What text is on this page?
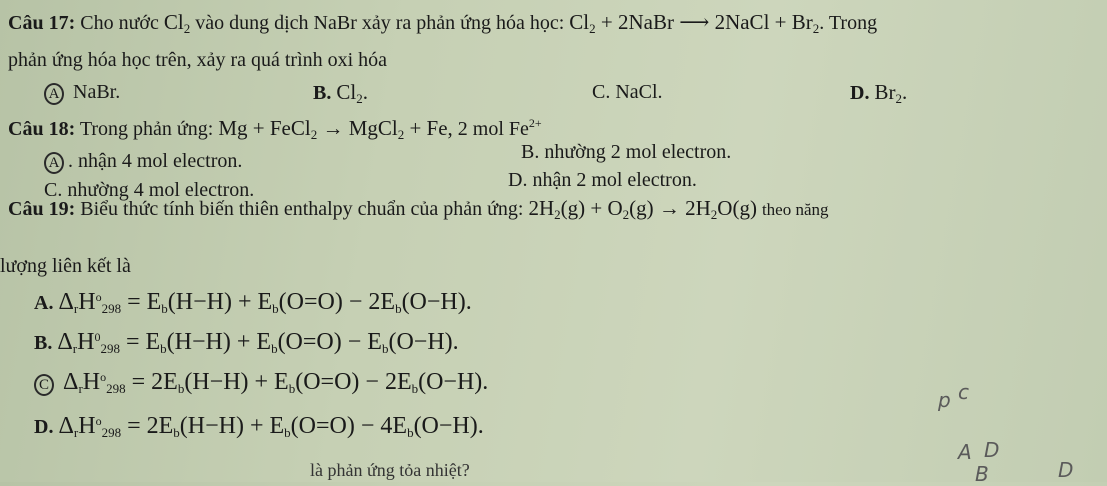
Câu 17: Cho nước $Cl_2$ vào dung dịch NaBr xảy ra phản ứng hóa học: $Cl_2$ + 2NaBr ⟶ 2NaCl + $Br_2$. Trong
phản ứng hóa học trên, xảy ra quá trình oxi hóa
A NaBr.	B. $Cl_2$.	C. NaCl.	D. $Br_2$.
Câu 18: Trong phản ứng: Mg + FeCl$_2$ → MgCl$_2$ + Fe, 2 mol $Fe^{2+}$
A . nhận 4 mol electron.	B. nhường 2 mol electron.
C. nhường 4 mol electron.	D. nhận 2 mol electron.
Câu 19: Biểu thức tính biến thiên enthalpy chuẩn của phản ứng: $2H_2(g) + O_2(g) \to 2H_2O(g)$ theo năng
lượng liên kết là
A. $\Delta_rH^o_{298} = E_b(H-H) + E_b(O=O) - 2E_b(O-H)$.
B. $\Delta_rH^0_{298} = E_b(H-H) + E_b(O=O) - E_b(O-H)$.
C $\Delta_rH^o_{298} = 2E_b(H-H) + E_b(O=O) - 2E_b(O-H)$.
D. $\Delta_rH^o_{298} = 2E_b(H-H) + E_b(O=O) - 4E_b(O-H)$.
là phản ứng tỏa nhiệt?
p c
A D
B	D
